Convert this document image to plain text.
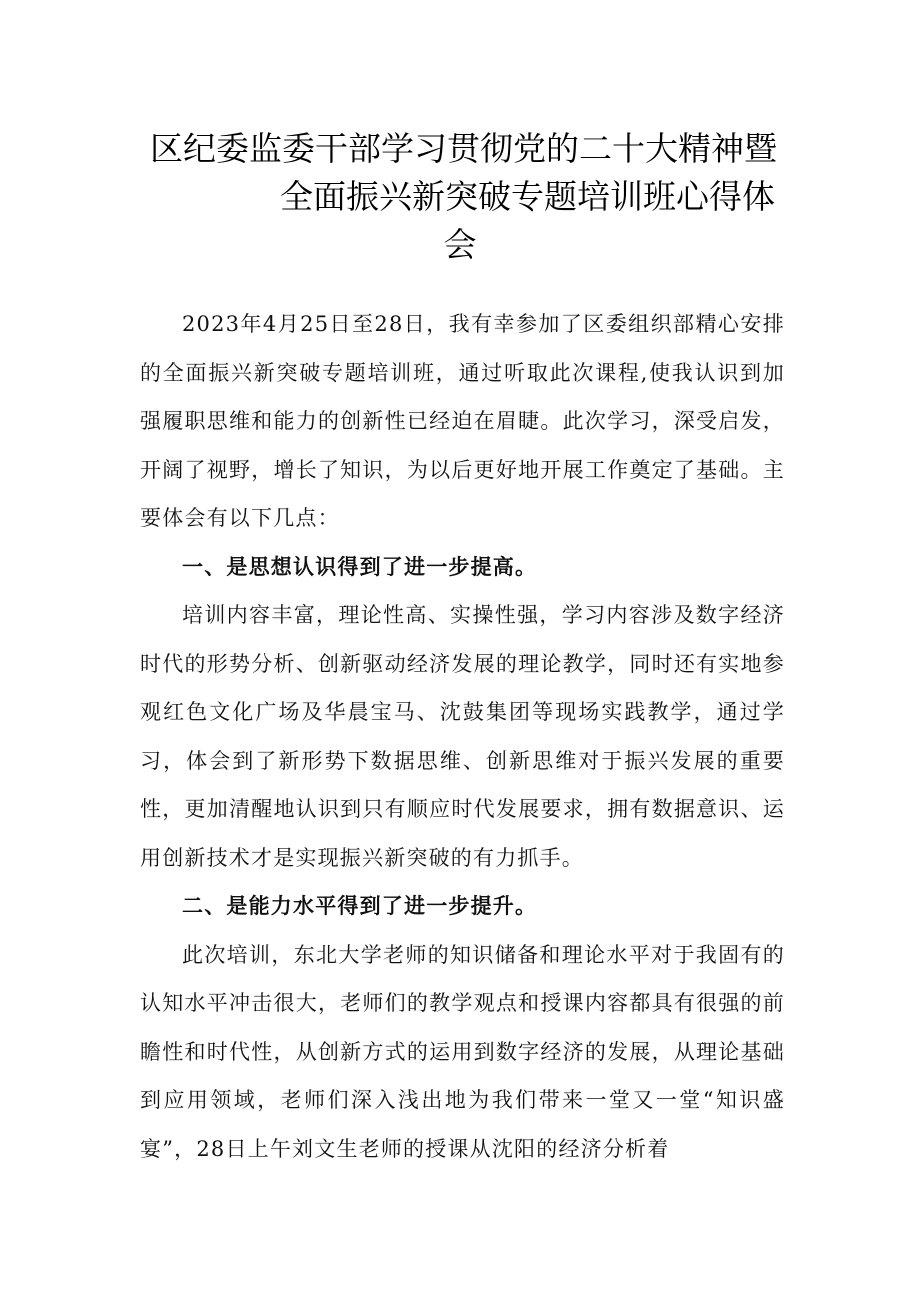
区纪委监委干部学习贯彻党的二十大精神暨
全面振兴新突破专题培训班心得体
会

2023年4月25日至28日，我有幸参加了区委组织部精心安排的全面振兴新突破专题培训班，通过听取此次课程,使我认识到加强履职思维和能力的创新性已经迫在眉睫。此次学习，深受启发，开阔了视野，增长了知识，为以后更好地开展工作奠定了基础。主要体会有以下几点：

一、是思想认识得到了进一步提高。

培训内容丰富，理论性高、实操性强，学习内容涉及数字经济时代的形势分析、创新驱动经济发展的理论教学，同时还有实地参观红色文化广场及华晨宝马、沈鼓集团等现场实践教学，通过学习，体会到了新形势下数据思维、创新思维对于振兴发展的重要性，更加清醒地认识到只有顺应时代发展要求，拥有数据意识、运用创新技术才是实现振兴新突破的有力抓手。

二、是能力水平得到了进一步提升。

此次培训，东北大学老师的知识储备和理论水平对于我固有的认知水平冲击很大，老师们的教学观点和授课内容都具有很强的前瞻性和时代性，从创新方式的运用到数字经济的发展，从理论基础到应用领域，老师们深入浅出地为我们带来一堂又一堂“知识盛宴”，28日上午刘文生老师的授课从沈阳的经济分析着
